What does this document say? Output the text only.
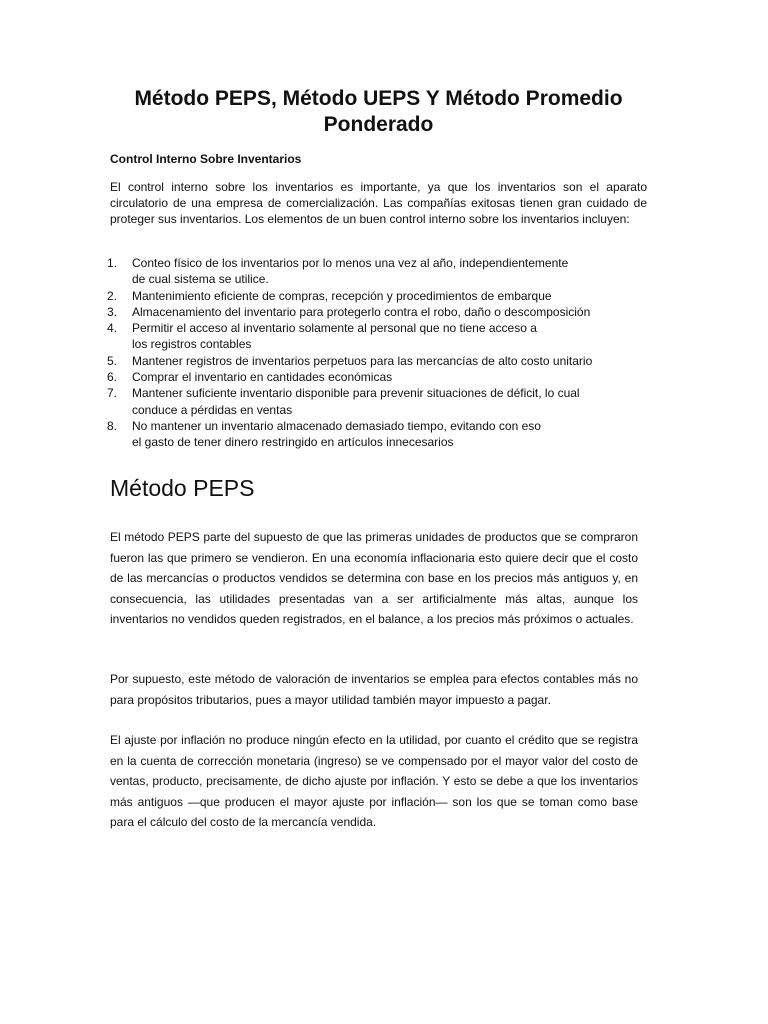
Método PEPS, Método UEPS Y Método Promedio Ponderado
Control Interno Sobre Inventarios

El control interno sobre los inventarios es importante, ya que los inventarios son el aparato circulatorio de una empresa de comercialización. Las compañías exitosas tienen gran cuidado de proteger sus inventarios. Los elementos de un buen control interno sobre los inventarios incluyen:

1. Conteo físico de los inventarios por lo menos una vez al año, independientemente
de cual sistema se utilice.
2. Mantenimiento eficiente de compras, recepción y procedimientos de embarque
3. Almacenamiento del inventario para protegerlo contra el robo, daño o descomposición
4. Permitir el acceso al inventario solamente al personal que no tiene acceso a
los registros contables
5. Mantener registros de inventarios perpetuos para las mercancías de alto costo unitario
6. Comprar el inventario en cantidades económicas
7. Mantener suficiente inventario disponible para prevenir situaciones de déficit, lo cual
conduce a pérdidas en ventas
8. No mantener un inventario almacenado demasiado tiempo, evitando con eso
el gasto de tener dinero restringido en artículos innecesarios
Método PEPS

El método PEPS parte del supuesto de que las primeras unidades de productos que se compraron fueron las que primero se vendieron. En una economía inflacionaria esto quiere decir que el costo de las mercancías o productos vendidos se determina con base en los precios más antiguos y, en consecuencia, las utilidades presentadas van a ser artificialmente más altas, aunque los inventarios no vendidos queden registrados, en el balance, a los precios más próximos o actuales.

Por supuesto, este método de valoración de inventarios se emplea para efectos contables más no para propósitos tributarios, pues a mayor utilidad también mayor impuesto a pagar.

El ajuste por inflación no produce ningún efecto en la utilidad, por cuanto el crédito que se registra en la cuenta de corrección monetaria (ingreso) se ve compensado por el mayor valor del costo de ventas, producto, precisamente, de dicho ajuste por inflación. Y esto se debe a que los inventarios más antiguos —que producen el mayor ajuste por inflación— son los que se toman como base para el cálculo del costo de la mercancía vendida.
